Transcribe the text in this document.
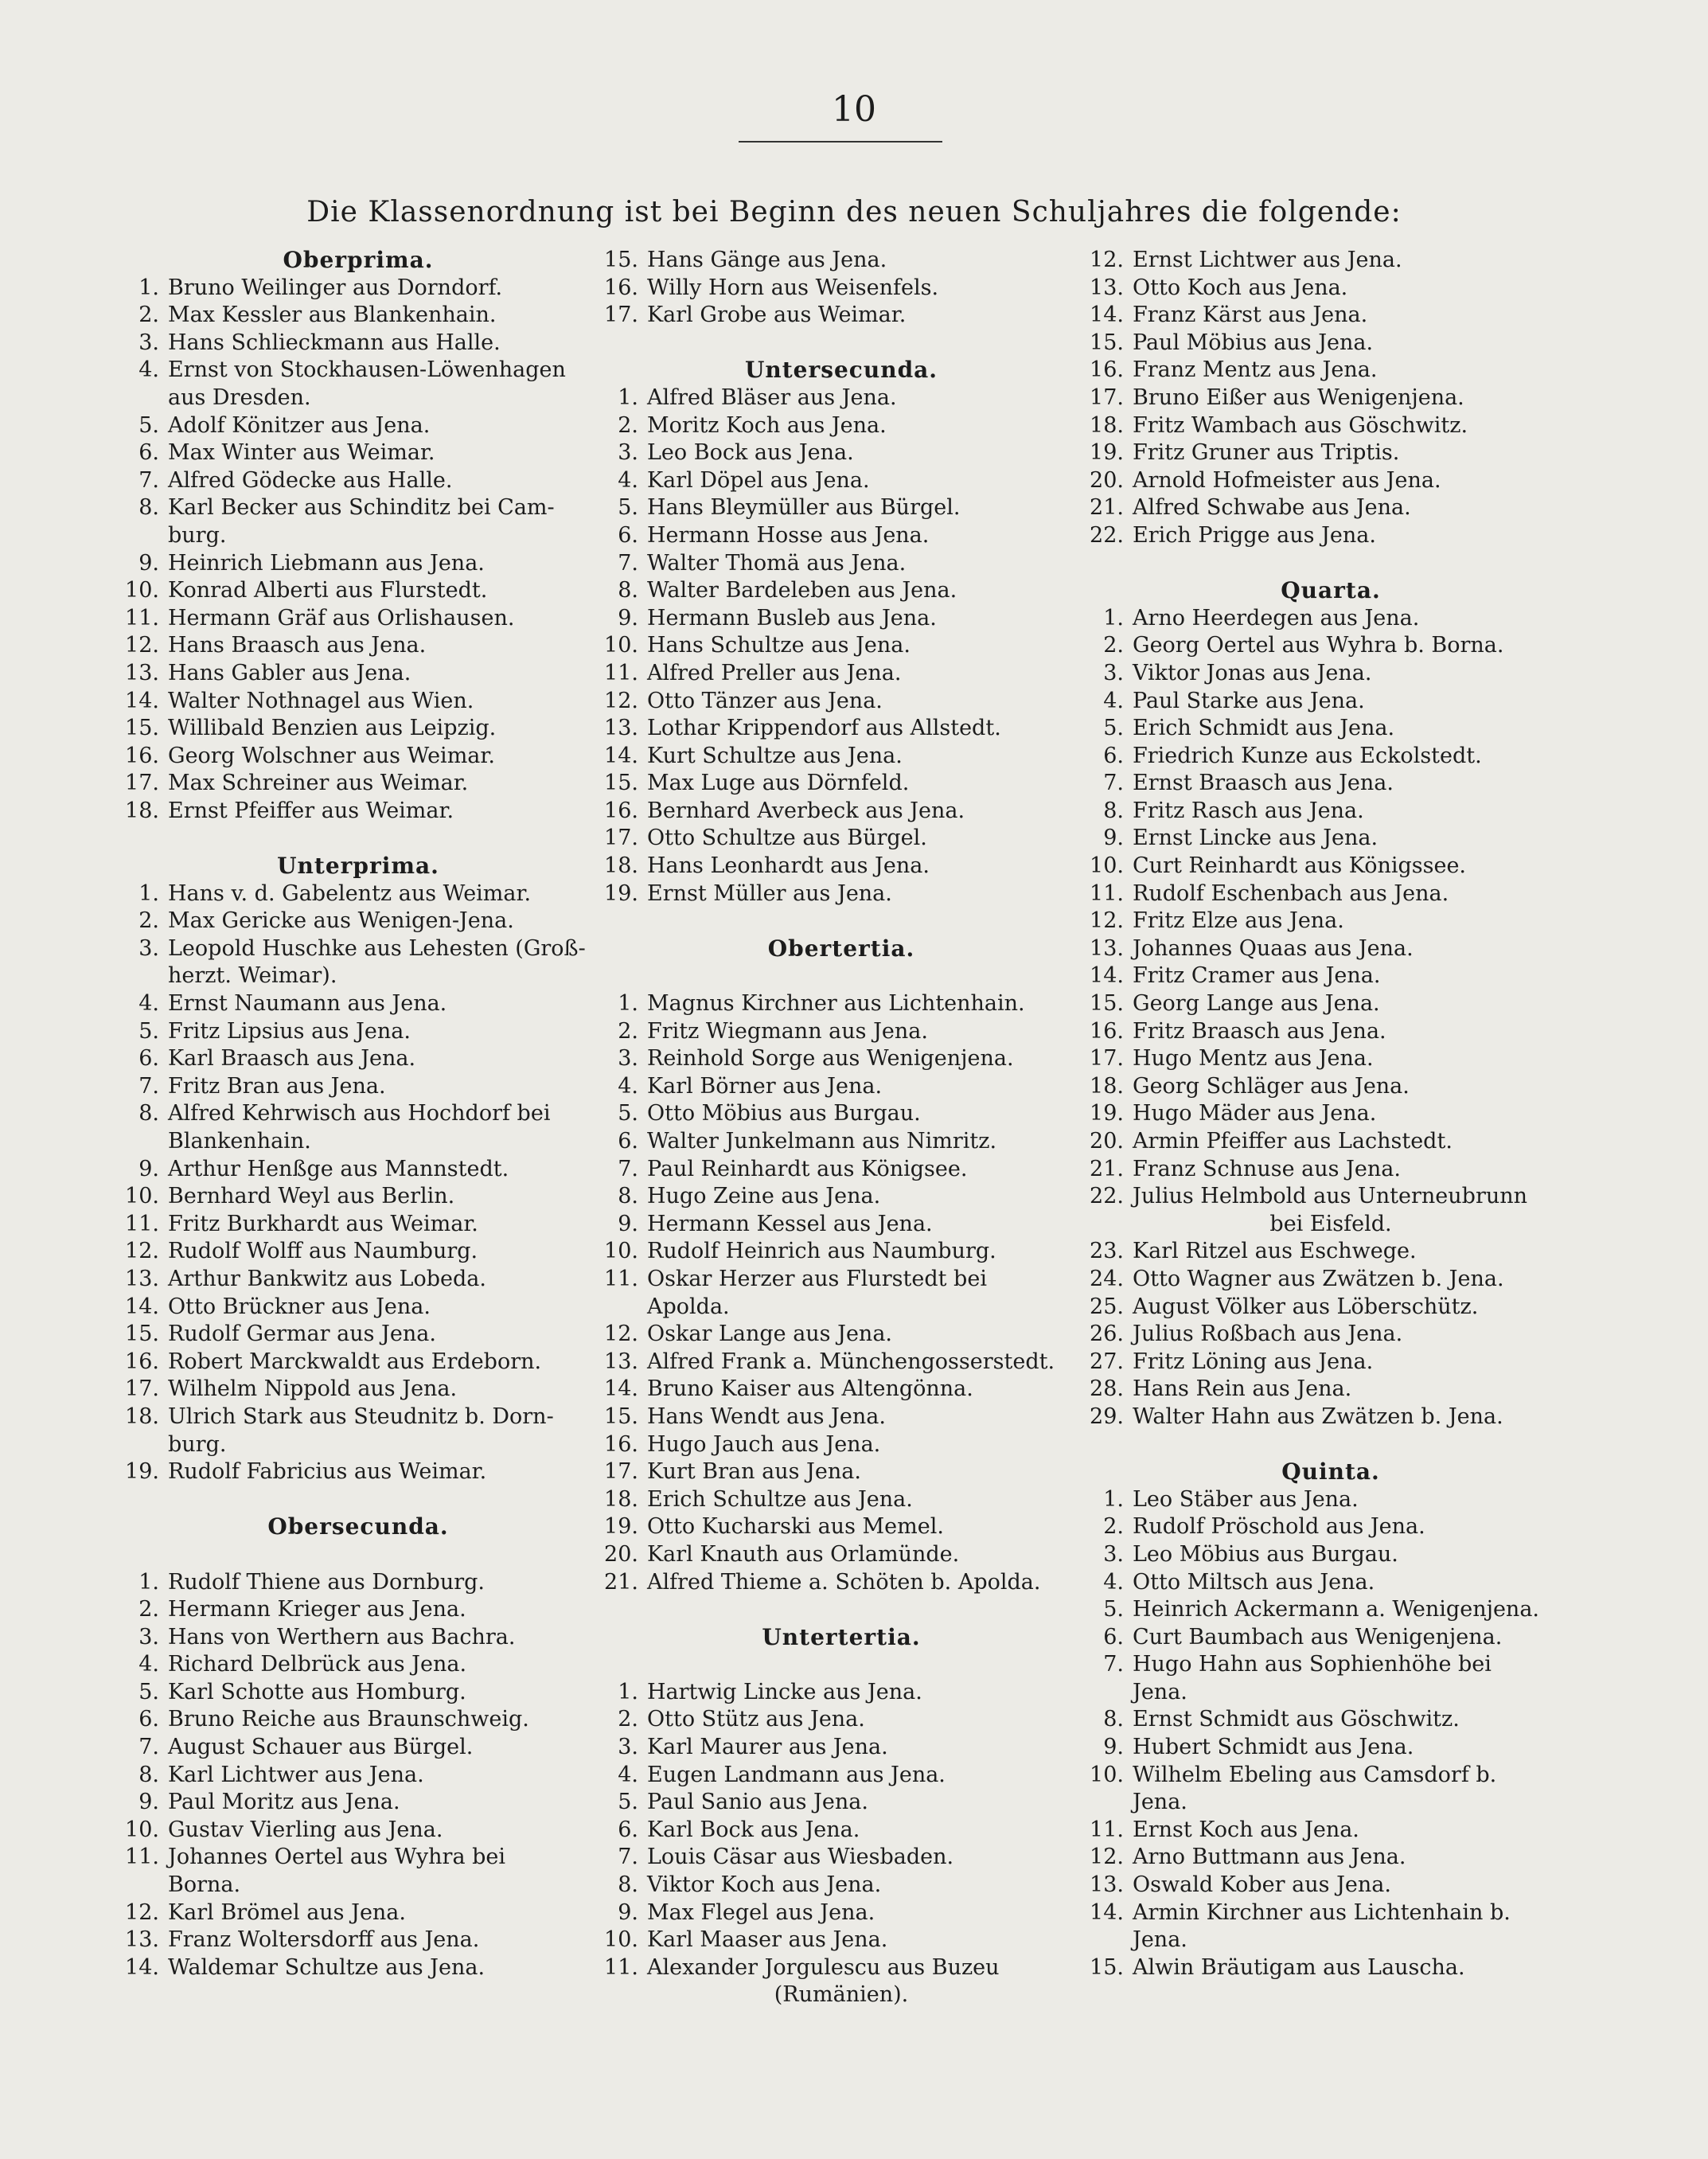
10
Die Klassenordnung ist bei Beginn des neuen Schuljahres die folgende:
Oberprima.
1. Bruno Weilinger aus Dorndorf.
2. Max Kessler aus Blankenhain.
3. Hans Schlieckmann aus Halle.
4. Ernst von Stockhausen-Löwenhagen
aus Dresden.
5. Adolf Könitzer aus Jena.
6. Max Winter aus Weimar.
7. Alfred Gödecke aus Halle.
8. Karl Becker aus Schinditz bei Cam-
burg.
9. Heinrich Liebmann aus Jena.
10. Konrad Alberti aus Flurstedt.
11. Hermann Gräf aus Orlishausen.
12. Hans Braasch aus Jena.
13. Hans Gabler aus Jena.
14. Walter Nothnagel aus Wien.
15. Willibald Benzien aus Leipzig.
16. Georg Wolschner aus Weimar.
17. Max Schreiner aus Weimar.
18. Ernst Pfeiffer aus Weimar.
Unterprima.
1. Hans v. d. Gabelentz aus Weimar.
2. Max Gericke aus Wenigen-Jena.
3. Leopold Huschke aus Lehesten (Groß-
herzt. Weimar).
4. Ernst Naumann aus Jena.
5. Fritz Lipsius aus Jena.
6. Karl Braasch aus Jena.
7. Fritz Bran aus Jena.
8. Alfred Kehrwisch aus Hochdorf bei
Blankenhain.
9. Arthur Henßge aus Mannstedt.
10. Bernhard Weyl aus Berlin.
11. Fritz Burkhardt aus Weimar.
12. Rudolf Wolff aus Naumburg.
13. Arthur Bankwitz aus Lobeda.
14. Otto Brückner aus Jena.
15. Rudolf Germar aus Jena.
16. Robert Marckwaldt aus Erdeborn.
17. Wilhelm Nippold aus Jena.
18. Ulrich Stark aus Steudnitz b. Dorn-
burg.
19. Rudolf Fabricius aus Weimar.
Obersecunda.
1. Rudolf Thiene aus Dornburg.
2. Hermann Krieger aus Jena.
3. Hans von Werthern aus Bachra.
4. Richard Delbrück aus Jena.
5. Karl Schotte aus Homburg.
6. Bruno Reiche aus Braunschweig.
7. August Schauer aus Bürgel.
8. Karl Lichtwer aus Jena.
9. Paul Moritz aus Jena.
10. Gustav Vierling aus Jena.
11. Johannes Oertel aus Wyhra bei
Borna.
12. Karl Brömel aus Jena.
13. Franz Woltersdorff aus Jena.
14. Waldemar Schultze aus Jena.
15. Hans Gänge aus Jena.
16. Willy Horn aus Weisenfels.
17. Karl Grobe aus Weimar.
Untersecunda.
1. Alfred Bläser aus Jena.
2. Moritz Koch aus Jena.
3. Leo Bock aus Jena.
4. Karl Döpel aus Jena.
5. Hans Bleymüller aus Bürgel.
6. Hermann Hosse aus Jena.
7. Walter Thomä aus Jena.
8. Walter Bardeleben aus Jena.
9. Hermann Busleb aus Jena.
10. Hans Schultze aus Jena.
11. Alfred Preller aus Jena.
12. Otto Tänzer aus Jena.
13. Lothar Krippendorf aus Allstedt.
14. Kurt Schultze aus Jena.
15. Max Luge aus Dörnfeld.
16. Bernhard Averbeck aus Jena.
17. Otto Schultze aus Bürgel.
18. Hans Leonhardt aus Jena.
19. Ernst Müller aus Jena.
Obertertia.
1. Magnus Kirchner aus Lichtenhain.
2. Fritz Wiegmann aus Jena.
3. Reinhold Sorge aus Wenigenjena.
4. Karl Börner aus Jena.
5. Otto Möbius aus Burgau.
6. Walter Junkelmann aus Nimritz.
7. Paul Reinhardt aus Königsee.
8. Hugo Zeine aus Jena.
9. Hermann Kessel aus Jena.
10. Rudolf Heinrich aus Naumburg.
11. Oskar Herzer aus Flurstedt bei
Apolda.
12. Oskar Lange aus Jena.
13. Alfred Frank a. Münchengosserstedt.
14. Bruno Kaiser aus Altengönna.
15. Hans Wendt aus Jena.
16. Hugo Jauch aus Jena.
17. Kurt Bran aus Jena.
18. Erich Schultze aus Jena.
19. Otto Kucharski aus Memel.
20. Karl Knauth aus Orlamünde.
21. Alfred Thieme a. Schöten b. Apolda.
Untertertia.
1. Hartwig Lincke aus Jena.
2. Otto Stütz aus Jena.
3. Karl Maurer aus Jena.
4. Eugen Landmann aus Jena.
5. Paul Sanio aus Jena.
6. Karl Bock aus Jena.
7. Louis Cäsar aus Wiesbaden.
8. Viktor Koch aus Jena.
9. Max Flegel aus Jena.
10. Karl Maaser aus Jena.
11. Alexander Jorgulescu aus Buzeu
(Rumänien).
12. Ernst Lichtwer aus Jena.
13. Otto Koch aus Jena.
14. Franz Kärst aus Jena.
15. Paul Möbius aus Jena.
16. Franz Mentz aus Jena.
17. Bruno Eißer aus Wenigenjena.
18. Fritz Wambach aus Göschwitz.
19. Fritz Gruner aus Triptis.
20. Arnold Hofmeister aus Jena.
21. Alfred Schwabe aus Jena.
22. Erich Prigge aus Jena.
Quarta.
1. Arno Heerdegen aus Jena.
2. Georg Oertel aus Wyhra b. Borna.
3. Viktor Jonas aus Jena.
4. Paul Starke aus Jena.
5. Erich Schmidt aus Jena.
6. Friedrich Kunze aus Eckolstedt.
7. Ernst Braasch aus Jena.
8. Fritz Rasch aus Jena.
9. Ernst Lincke aus Jena.
10. Curt Reinhardt aus Königssee.
11. Rudolf Eschenbach aus Jena.
12. Fritz Elze aus Jena.
13. Johannes Quaas aus Jena.
14. Fritz Cramer aus Jena.
15. Georg Lange aus Jena.
16. Fritz Braasch aus Jena.
17. Hugo Mentz aus Jena.
18. Georg Schläger aus Jena.
19. Hugo Mäder aus Jena.
20. Armin Pfeiffer aus Lachstedt.
21. Franz Schnuse aus Jena.
22. Julius Helmbold aus Unterneubrunn
bei Eisfeld.
23. Karl Ritzel aus Eschwege.
24. Otto Wagner aus Zwätzen b. Jena.
25. August Völker aus Löberschütz.
26. Julius Roßbach aus Jena.
27. Fritz Löning aus Jena.
28. Hans Rein aus Jena.
29. Walter Hahn aus Zwätzen b. Jena.
Quinta.
1. Leo Stäber aus Jena.
2. Rudolf Pröschold aus Jena.
3. Leo Möbius aus Burgau.
4. Otto Miltsch aus Jena.
5. Heinrich Ackermann a. Wenigenjena.
6. Curt Baumbach aus Wenigenjena.
7. Hugo Hahn aus Sophienhöhe bei
Jena.
8. Ernst Schmidt aus Göschwitz.
9. Hubert Schmidt aus Jena.
10. Wilhelm Ebeling aus Camsdorf b.
Jena.
11. Ernst Koch aus Jena.
12. Arno Buttmann aus Jena.
13. Oswald Kober aus Jena.
14. Armin Kirchner aus Lichtenhain b.
Jena.
15. Alwin Bräutigam aus Lauscha.
